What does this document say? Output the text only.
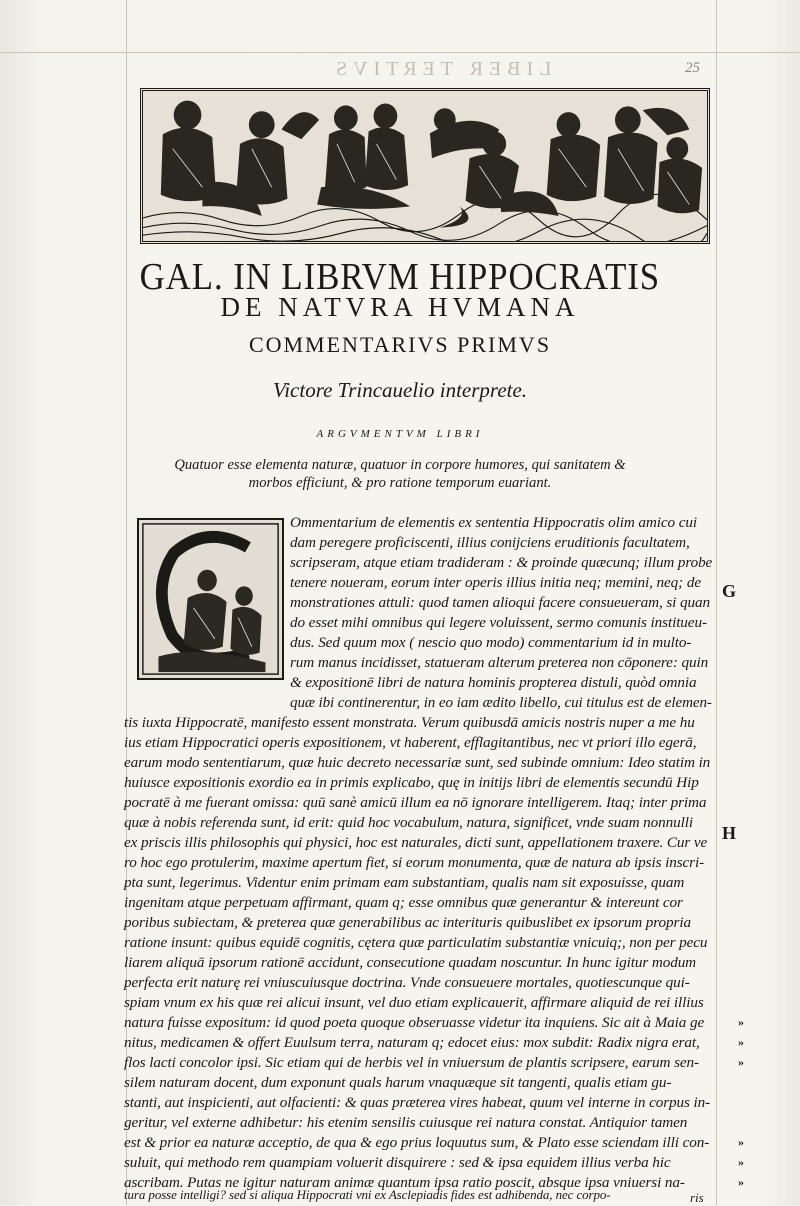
LIBER TERTIVS	25
GAL. IN LIBRVM HIPPOCRATIS
DE NATVRA HVMANA
COMMENTARIVS PRIMVS
Victore Trincauelio interprete.
ARGVMENTVM LIBRI
Quatuor esse elementa naturæ, quatuor in corpore humores, qui sanitatem &
morbos efficiunt, & pro ratione temporum euariant.
Ommentarium de elementis ex sententia Hippocratis olim amico cui
dam peregere proficiscenti, illius conijciens eruditionis facultatem,
scripseram, atque etiam tradideram : & proinde quæcunq; illum probe
tenere noueram, eorum inter operis illius initia neq; memini, neq; de
monstrationes attuli: quod tamen alioqui facere consueueram, si quan
do esset mihi omnibus qui legere voluissent, sermo comunis institueu-
dus. Sed quum mox ( nescio quo modo) commentarium id in multo-
rum manus incidisset, statueram alterum preterea non cōponere: quin
& expositionē libri de natura hominis propterea distuli, quòd omnia
quæ ibi continerentur, in eo iam ædito libello, cui titulus est de elemen-
tis iuxta Hippocratē, manifesto essent monstrata. Verum quibusdā amicis nostris nuper a me hu
ius etiam Hippocratici operis expositionem, vt haberent, efflagitantibus, nec vt priori illo egerā,
earum modo sententiarum, quæ huic decreto necessariæ sunt, sed subinde omnium: Ideo statim in
huiusce expositionis exordio ea in primis explicabo, quę in initijs libri de elementis secundū Hip
pocratē à me fuerant omissa: quū sanè amicū illum ea nō ignorare intelligerem. Itaq; inter prima
quæ à nobis referenda sunt, id erit: quid hoc vocabulum, natura, significet, vnde suam nonnulli
ex priscis illis philosophis qui physici, hoc est naturales, dicti sunt, appellationem traxere. Cur ve
ro hoc ego protulerim, maxime apertum fiet, si eorum monumenta, quæ de natura ab ipsis inscri-
pta sunt, legerimus. Videntur enim primam eam substantiam, qualis nam sit exposuisse, quam
ingenitam atque perpetuam affirmant, quam q; esse omnibus quæ generantur & intereunt cor
poribus subiectam, & preterea quæ generabilibus ac interituris quibuslibet ex ipsorum propria
ratione insunt: quibus equidē cognitis, cętera quæ particulatim substantiæ vnicuiq;, non per pecu
liarem aliquā ipsorum rationē accidunt, consecutione quadam noscuntur. In hunc igitur modum
perfecta erit naturę rei vniuscuiusque doctrina. Vnde consueuere mortales, quotiescunque qui-
spiam vnum ex his quæ rei alicui insunt, vel duo etiam explicauerit, affirmare aliquid de rei illius
natura fuisse expositum: id quod poeta quoque obseruasse videtur ita inquiens. Sic ait à Maia ge
nitus, medicamen & offert Euulsum terra, naturam q; edocet eius: mox subdit: Radix nigra erat,
flos lacti concolor ipsi. Sic etiam qui de herbis vel in vniuersum de plantis scripsere, earum sen-
silem naturam docent, dum exponunt quals harum vnaquæque sit tangenti, qualis etiam gu-
stanti, aut inspicienti, aut olfacienti: & quas præterea vires habeat, quum vel interne in corpus in-
geritur, vel externe adhibetur: his etenim sensilis cuiusque rei natura constat. Antiquior tamen
est & prior ea naturæ acceptio, de qua & ego prius loquutus sum, & Plato esse sciendam illi con-
suluit, qui methodo rem quampiam voluerit disquirere : sed & ipsa equidem illius verba hic
ascribam. Putas ne igitur naturam animæ quantum ipsa ratio poscit, absque ipsa vniuersi na-
tura posse intelligi? sed si aliqua Hippocrati vni ex Asclepiadis fides est adhibenda, nec corpo-	ris
G
H
»
»
»
»
»
»
